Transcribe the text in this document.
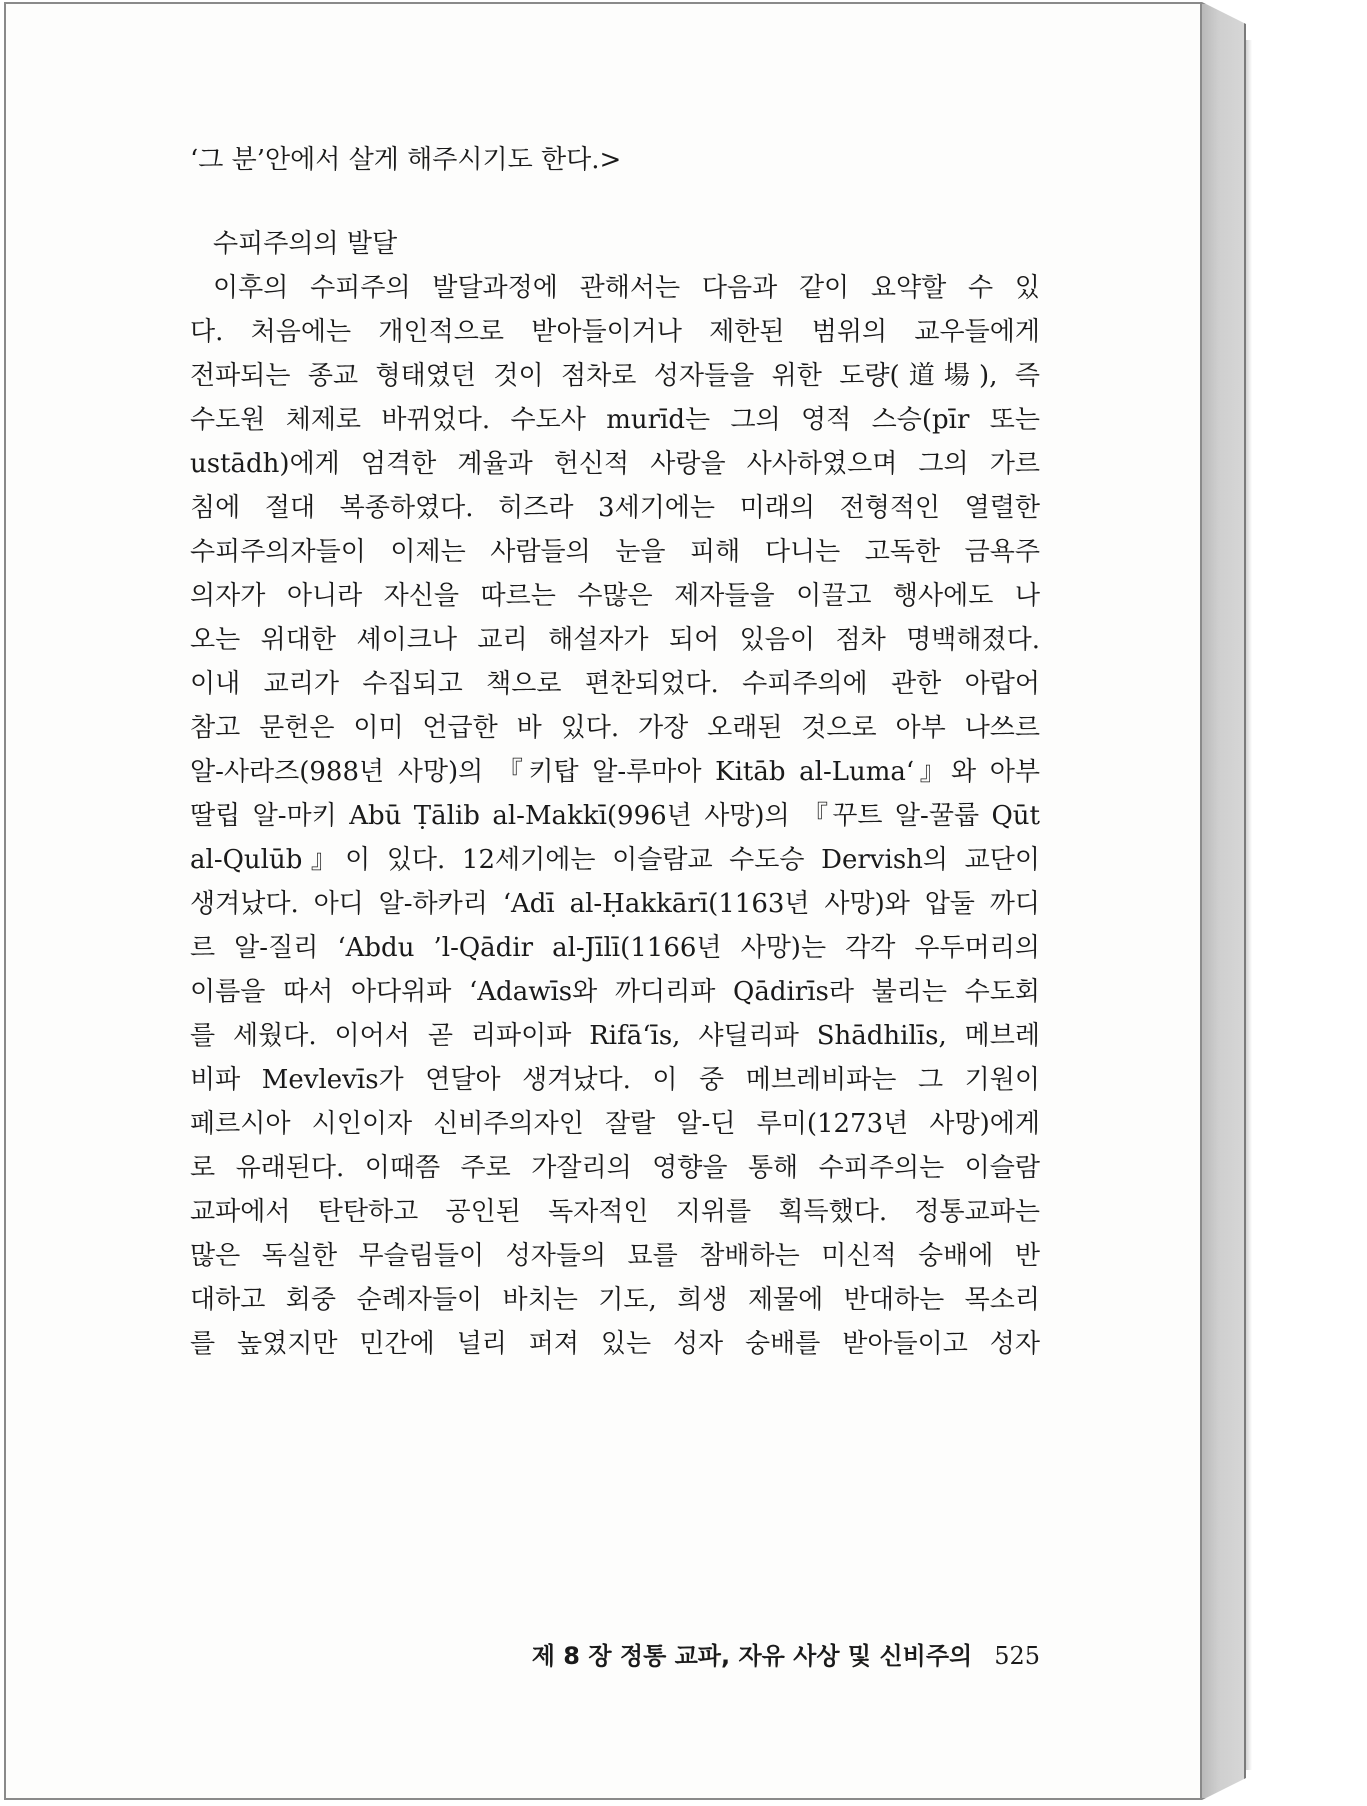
‘그 분’안에서 살게 해주시기도 한다.>
수피주의의 발달
이후의 수피주의 발달과정에 관해서는 다음과 같이 요약할 수 있
다. 처음에는 개인적으로 받아들이거나 제한된 범위의 교우들에게
전파되는 종교 형태였던 것이 점차로 성자들을 위한 도량(道場), 즉
수도원 체제로 바뀌었다. 수도사 murīd는 그의 영적 스승(pīr 또는
ustādh)에게 엄격한 계율과 헌신적 사랑을 사사하였으며 그의 가르
침에 절대 복종하였다. 히즈라 3세기에는 미래의 전형적인 열렬한
수피주의자들이 이제는 사람들의 눈을 피해 다니는 고독한 금욕주
의자가 아니라 자신을 따르는 수많은 제자들을 이끌고 행사에도 나
오는 위대한 셰이크나 교리 해설자가 되어 있음이 점차 명백해졌다.
이내 교리가 수집되고 책으로 편찬되었다. 수피주의에 관한 아랍어
참고 문헌은 이미 언급한 바 있다. 가장 오래된 것으로 아부 나쓰르
알-사라즈(988년 사망)의 『키탑 알-루마아 Kitāb al-Luma‘』와 아부
딸립 알-마키 Abū Ṭālib al-Makkī(996년 사망)의 『꾸트 알-꿀룹 Qūt
al-Qulūb』이 있다. 12세기에는 이슬람교 수도승 Dervish의 교단이
생겨났다. 아디 알-하카리 ‘Adī al-Ḥakkārī(1163년 사망)와 압둘 까디
르 알-질리 ‘Abdu ’l-Qādir al-Jīlī(1166년 사망)는 각각 우두머리의
이름을 따서 아다위파 ‘Adawīs와 까디리파 Qādirīs라 불리는 수도회
를 세웠다. 이어서 곧 리파이파 Rifā‘īs, 샤딜리파 Shādhilīs, 메브레
비파 Mevlevīs가 연달아 생겨났다. 이 중 메브레비파는 그 기원이
페르시아 시인이자 신비주의자인 잘랄 알-딘 루미(1273년 사망)에게
로 유래된다. 이때쯤 주로 가잘리의 영향을 통해 수피주의는 이슬람
교파에서 탄탄하고 공인된 독자적인 지위를 획득했다. 정통교파는
많은 독실한 무슬림들이 성자들의 묘를 참배하는 미신적 숭배에 반
대하고 회중 순례자들이 바치는 기도, 희생 제물에 반대하는 목소리
를 높였지만 민간에 널리 퍼져 있는 성자 숭배를 받아들이고 성자
제 8 장 정통 교파, 자유 사상 및 신비주의 525
